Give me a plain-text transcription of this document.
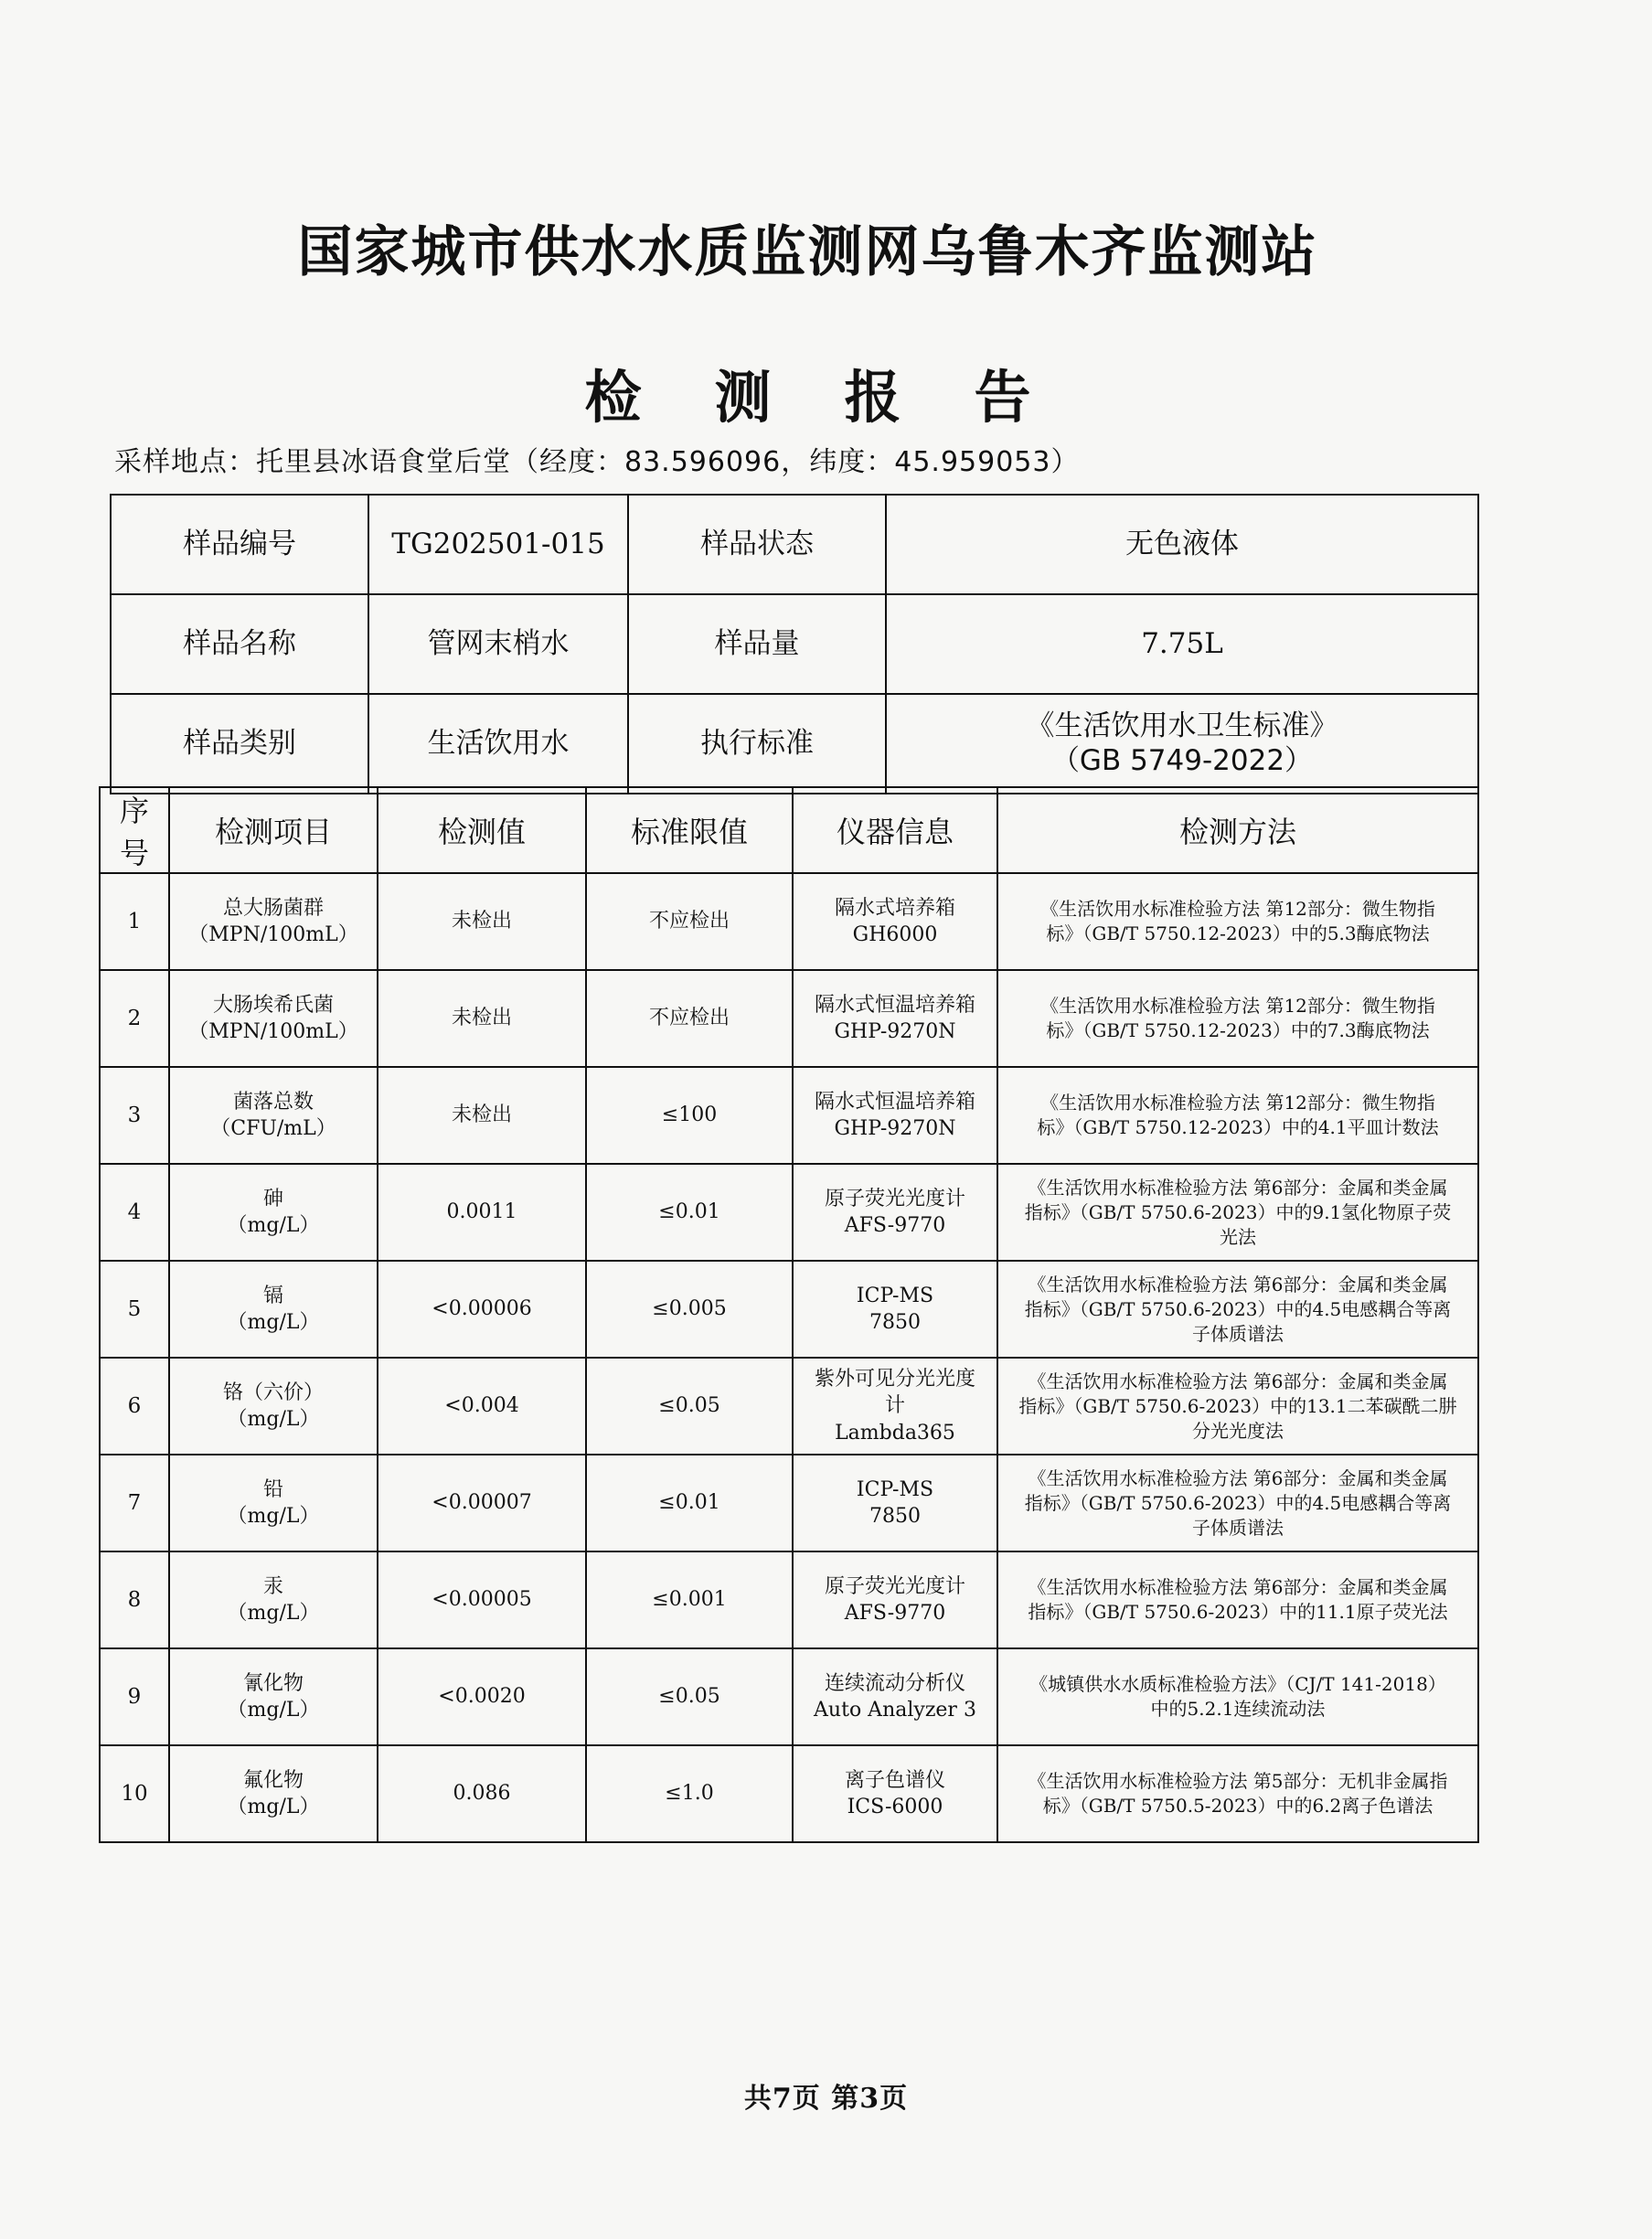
国家城市供水水质监测网乌鲁木齐监测站
检测报告
采样地点：托里县冰语食堂后堂（经度：83.596096，纬度：45.959053）
样品编号	TG202501-015	样品状态	无色液体
样品名称	管网末梢水	样品量	7.75L
样品类别	生活饮用水	执行标准	《生活饮用水卫生标准》
（GB 5749-2022）
序号	检测项目	检测值	标准限值	仪器信息	检测方法
1	总大肠菌群
（MPN/100mL）	未检出	不应检出	隔水式培养箱
GH6000	《生活饮用水标准检验方法 第12部分：微生物指
标》（GB/T 5750.12-2023）中的5.3酶底物法

2	大肠埃希氏菌
（MPN/100mL）	未检出	不应检出	隔水式恒温培养箱
GHP-9270N	《生活饮用水标准检验方法 第12部分：微生物指
标》（GB/T 5750.12-2023）中的7.3酶底物法

3	菌落总数
（CFU/mL）	未检出	≤100	隔水式恒温培养箱
GHP-9270N	《生活饮用水标准检验方法 第12部分：微生物指
标》（GB/T 5750.12-2023）中的4.1平皿计数法

4	砷
（mg/L）	0.0011	≤0.01	原子荧光光度计
AFS-9770	《生活饮用水标准检验方法 第6部分：金属和类金属
指标》（GB/T 5750.6-2023）中的9.1氢化物原子荧
光法

5	镉
（mg/L）	<0.00006	≤0.005	ICP-MS
7850	《生活饮用水标准检验方法 第6部分：金属和类金属
指标》（GB/T 5750.6-2023）中的4.5电感耦合等离
子体质谱法

6	铬（六价）
（mg/L）	<0.004	≤0.05	紫外可见分光光度
计
Lambda365	《生活饮用水标准检验方法 第6部分：金属和类金属
指标》（GB/T 5750.6-2023）中的13.1二苯碳酰二肼
分光光度法

7	铅
（mg/L）	<0.00007	≤0.01	ICP-MS
7850	《生活饮用水标准检验方法 第6部分：金属和类金属
指标》（GB/T 5750.6-2023）中的4.5电感耦合等离
子体质谱法

8	汞
（mg/L）	<0.00005	≤0.001	原子荧光光度计
AFS-9770	《生活饮用水标准检验方法 第6部分：金属和类金属
指标》（GB/T 5750.6-2023）中的11.1原子荧光法

9	氰化物
（mg/L）	<0.0020	≤0.05	连续流动分析仪
Auto Analyzer 3	《城镇供水水质标准检验方法》（CJ/T 141-2018）
中的5.2.1连续流动法

10	氟化物
（mg/L）	0.086	≤1.0	离子色谱仪
ICS-6000	《生活饮用水标准检验方法 第5部分：无机非金属指
标》（GB/T 5750.5-2023）中的6.2离子色谱法
共7页 第3页
